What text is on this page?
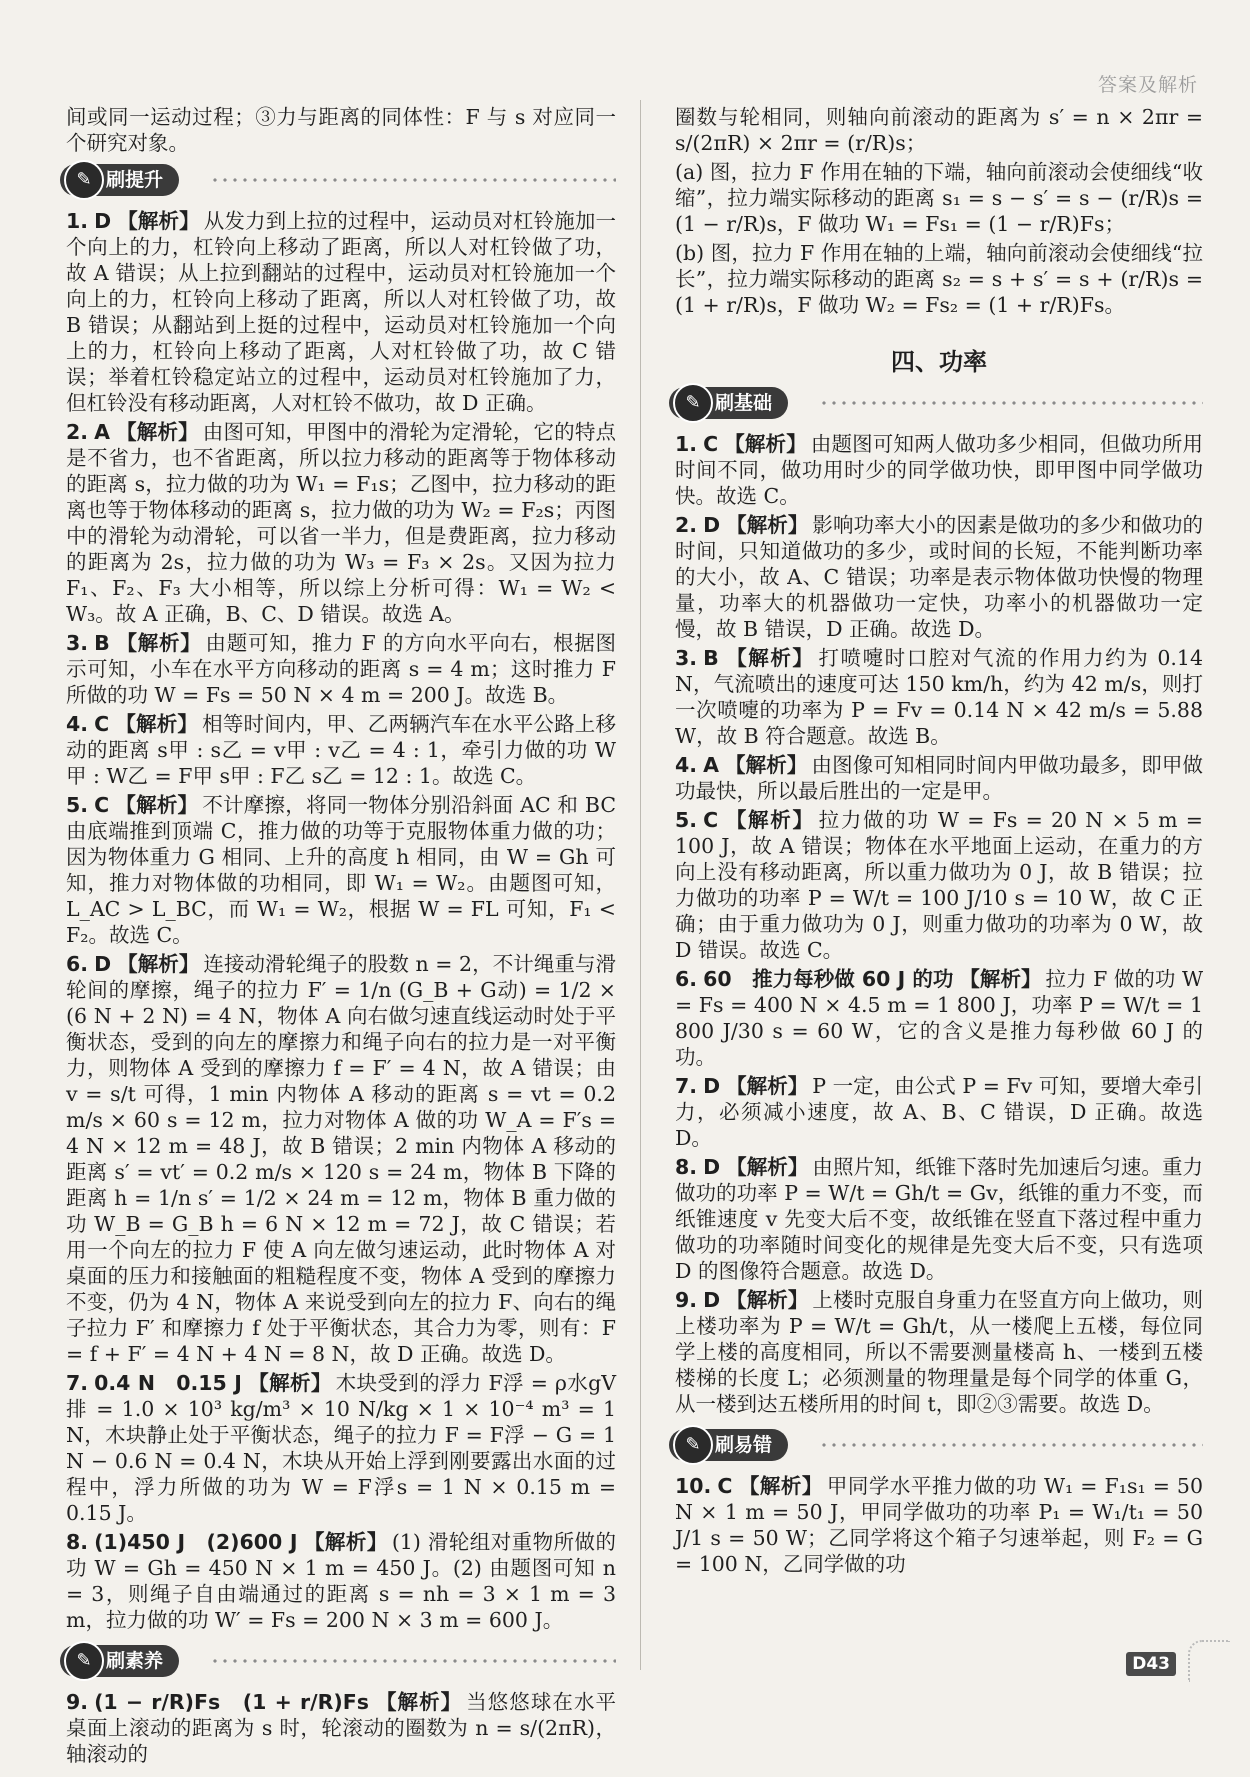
答案及解析

间或同一运动过程；③力与距离的同体性：F 与 s 对应同一个研究对象。

✎ 刷提升

1. D 【解析】 从发力到上拉的过程中，运动员对杠铃施加一个向上的力，杠铃向上移动了距离，所以人对杠铃做了功，故 A 错误；从上拉到翻站的过程中，运动员对杠铃施加一个向上的力，杠铃向上移动了距离，所以人对杠铃做了功，故 B 错误；从翻站到上挺的过程中，运动员对杠铃施加一个向上的力，杠铃向上移动了距离，人对杠铃做了功，故 C 错误；举着杠铃稳定站立的过程中，运动员对杠铃施加了力，但杠铃没有移动距离，人对杠铃不做功，故 D 正确。

2. A 【解析】 由图可知，甲图中的滑轮为定滑轮，它的特点是不省力，也不省距离，所以拉力移动的距离等于物体移动的距离 s，拉力做的功为 W₁ = F₁s；乙图中，拉力移动的距离也等于物体移动的距离 s，拉力做的功为 W₂ = F₂s；丙图中的滑轮为动滑轮，可以省一半力，但是费距离，拉力移动的距离为 2s，拉力做的功为 W₃ = F₃ × 2s。又因为拉力 F₁、F₂、F₃ 大小相等，所以综上分析可得：W₁ = W₂ < W₃。故 A 正确，B、C、D 错误。故选 A。

3. B 【解析】 由题可知，推力 F 的方向水平向右，根据图示可知，小车在水平方向移动的距离 s = 4 m；这时推力 F 所做的功 W = Fs = 50 N × 4 m = 200 J。故选 B。

4. C 【解析】 相等时间内，甲、乙两辆汽车在水平公路上移动的距离 s甲 : s乙 = v甲 : v乙 = 4 : 1，牵引力做的功 W甲 : W乙 = F甲 s甲 : F乙 s乙 = 12 : 1。故选 C。

5. C 【解析】 不计摩擦，将同一物体分别沿斜面 AC 和 BC 由底端推到顶端 C，推力做的功等于克服物体重力做的功；因为物体重力 G 相同、上升的高度 h 相同，由 W = Gh 可知，推力对物体做的功相同，即 W₁ = W₂。由题图可知，L_AC > L_BC，而 W₁ = W₂，根据 W = FL 可知，F₁ < F₂。故选 C。

6. D 【解析】 连接动滑轮绳子的股数 n = 2，不计绳重与滑轮间的摩擦，绳子的拉力 F′ = 1/n (G_B + G动) = 1/2 × (6 N + 2 N) = 4 N，物体 A 向右做匀速直线运动时处于平衡状态，受到的向左的摩擦力和绳子向右的拉力是一对平衡力，则物体 A 受到的摩擦力 f = F′ = 4 N，故 A 错误；由 v = s/t 可得，1 min 内物体 A 移动的距离 s = vt = 0.2 m/s × 60 s = 12 m，拉力对物体 A 做的功 W_A = F′s = 4 N × 12 m = 48 J，故 B 错误；2 min 内物体 A 移动的距离 s′ = vt′ = 0.2 m/s × 120 s = 24 m，物体 B 下降的距离 h = 1/n s′ = 1/2 × 24 m = 12 m，物体 B 重力做的功 W_B = G_B h = 6 N × 12 m = 72 J，故 C 错误；若用一个向左的拉力 F 使 A 向左做匀速运动，此时物体 A 对桌面的压力和接触面的粗糙程度不变，物体 A 受到的摩擦力不变，仍为 4 N，物体 A 来说受到向左的拉力 F、向右的绳子拉力 F′ 和摩擦力 f 处于平衡状态，其合力为零，则有：F = f + F′ = 4 N + 4 N = 8 N，故 D 正确。故选 D。

7. 0.4 N　0.15 J 【解析】 木块受到的浮力 F浮 = ρ水gV排 = 1.0 × 10³ kg/m³ × 10 N/kg × 1 × 10⁻⁴ m³ = 1 N，木块静止处于平衡状态，绳子的拉力 F = F浮 − G = 1 N − 0.6 N = 0.4 N，木块从开始上浮到刚要露出水面的过程中，浮力所做的功为 W = F浮s = 1 N × 0.15 m = 0.15 J。

8. (1)450 J　(2)600 J 【解析】 (1) 滑轮组对重物所做的功 W = Gh = 450 N × 1 m = 450 J。(2) 由题图可知 n = 3，则绳子自由端通过的距离 s = nh = 3 × 1 m = 3 m，拉力做的功 W′ = Fs = 200 N × 3 m = 600 J。

✎ 刷素养

9. (1 − r/R)Fs　(1 + r/R)Fs 【解析】 当悠悠球在水平桌面上滚动的距离为 s 时，轮滚动的圈数为 n = s/(2πR)，轴滚动的

圈数与轮相同，则轴向前滚动的距离为 s′ = n × 2πr = s/(2πR) × 2πr = (r/R)s；

(a) 图，拉力 F 作用在轴的下端，轴向前滚动会使细线“收缩”，拉力端实际移动的距离 s₁ = s − s′ = s − (r/R)s = (1 − r/R)s，F 做功 W₁ = Fs₁ = (1 − r/R)Fs；

(b) 图，拉力 F 作用在轴的上端，轴向前滚动会使细线“拉长”，拉力端实际移动的距离 s₂ = s + s′ = s + (r/R)s = (1 + r/R)s，F 做功 W₂ = Fs₂ = (1 + r/R)Fs。

四、功率
✎ 刷基础

1. C 【解析】 由题图可知两人做功多少相同，但做功所用时间不同，做功用时少的同学做功快，即甲图中同学做功快。故选 C。

2. D 【解析】 影响功率大小的因素是做功的多少和做功的时间，只知道做功的多少，或时间的长短，不能判断功率的大小，故 A、C 错误；功率是表示物体做功快慢的物理量，功率大的机器做功一定快，功率小的机器做功一定慢，故 B 错误，D 正确。故选 D。

3. B 【解析】 打喷嚏时口腔对气流的作用力约为 0.14 N，气流喷出的速度可达 150 km/h，约为 42 m/s，则打一次喷嚏的功率为 P = Fv = 0.14 N × 42 m/s = 5.88 W，故 B 符合题意。故选 B。

4. A 【解析】 由图像可知相同时间内甲做功最多，即甲做功最快，所以最后胜出的一定是甲。

5. C 【解析】 拉力做的功 W = Fs = 20 N × 5 m = 100 J，故 A 错误；物体在水平地面上运动，在重力的方向上没有移动距离，所以重力做功为 0 J，故 B 错误；拉力做功的功率 P = W/t = 100 J/10 s = 10 W，故 C 正确；由于重力做功为 0 J，则重力做功的功率为 0 W，故 D 错误。故选 C。

6. 60　推力每秒做 60 J 的功 【解析】 拉力 F 做的功 W = Fs = 400 N × 4.5 m = 1 800 J，功率 P = W/t = 1 800 J/30 s = 60 W，它的含义是推力每秒做 60 J 的功。

7. D 【解析】 P 一定，由公式 P = Fv 可知，要增大牵引力，必须减小速度，故 A、B、C 错误，D 正确。故选 D。

8. D 【解析】 由照片知，纸锥下落时先加速后匀速。重力做功的功率 P = W/t = Gh/t = Gv，纸锥的重力不变，而纸锥速度 v 先变大后不变，故纸锥在竖直下落过程中重力做功的功率随时间变化的规律是先变大后不变，只有选项 D 的图像符合题意。故选 D。

9. D 【解析】 上楼时克服自身重力在竖直方向上做功，则上楼功率为 P = W/t = Gh/t，从一楼爬上五楼，每位同学上楼的高度相同，所以不需要测量楼高 h、一楼到五楼楼梯的长度 L；必须测量的物理量是每个同学的体重 G，从一楼到达五楼所用的时间 t，即②③需要。故选 D。

✎ 刷易错

10. C 【解析】 甲同学水平推力做的功 W₁ = F₁s₁ = 50 N × 1 m = 50 J，甲同学做功的功率 P₁ = W₁/t₁ = 50 J/1 s = 50 W；乙同学将这个箱子匀速举起，则 F₂ = G = 100 N，乙同学做的功

D43
